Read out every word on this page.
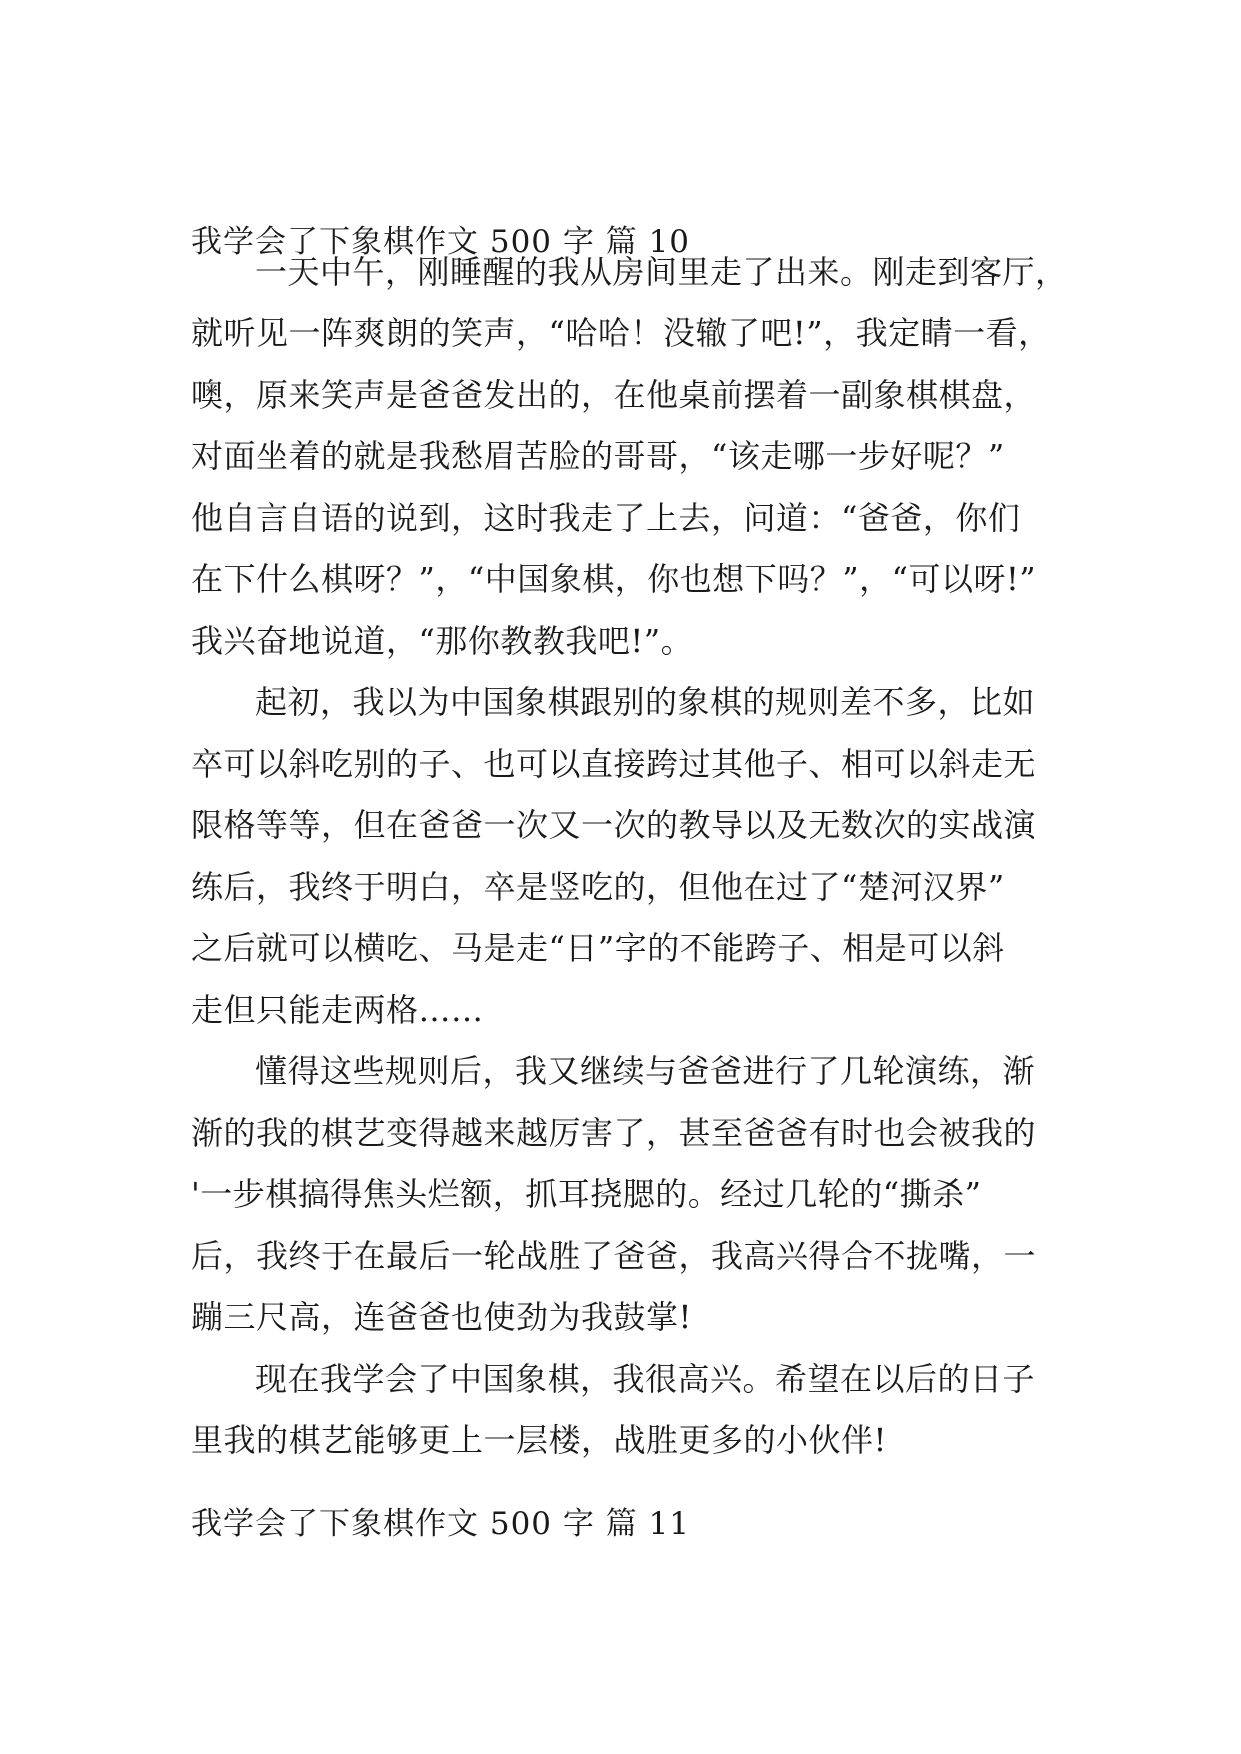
我学会了下象棋作文 500 字 篇 10
一天中午，刚睡醒的我从房间里走了出来。刚走到客厅，
就听见一阵爽朗的笑声，“哈哈！没辙了吧!”，我定睛一看，
噢，原来笑声是爸爸发出的，在他桌前摆着一副象棋棋盘，
对面坐着的就是我愁眉苦脸的哥哥，“该走哪一步好呢？”
他自言自语的说到，这时我走了上去，问道：“爸爸，你们
在下什么棋呀？”，“中国象棋，你也想下吗？”，“可以呀!”
我兴奋地说道，“那你教教我吧!”。
起初，我以为中国象棋跟别的象棋的规则差不多，比如
卒可以斜吃别的子、也可以直接跨过其他子、相可以斜走无
限格等等，但在爸爸一次又一次的教导以及无数次的实战演
练后，我终于明白，卒是竖吃的，但他在过了“楚河汉界”
之后就可以横吃、马是走“日”字的不能跨子、相是可以斜
走但只能走两格……
懂得这些规则后，我又继续与爸爸进行了几轮演练，渐
渐的我的棋艺变得越来越厉害了，甚至爸爸有时也会被我的
'一步棋搞得焦头烂额，抓耳挠腮的。经过几轮的“撕杀”
后，我终于在最后一轮战胜了爸爸，我高兴得合不拢嘴，一
蹦三尺高，连爸爸也使劲为我鼓掌!
现在我学会了中国象棋，我很高兴。希望在以后的日子
里我的棋艺能够更上一层楼，战胜更多的小伙伴!
我学会了下象棋作文 500 字 篇 11
